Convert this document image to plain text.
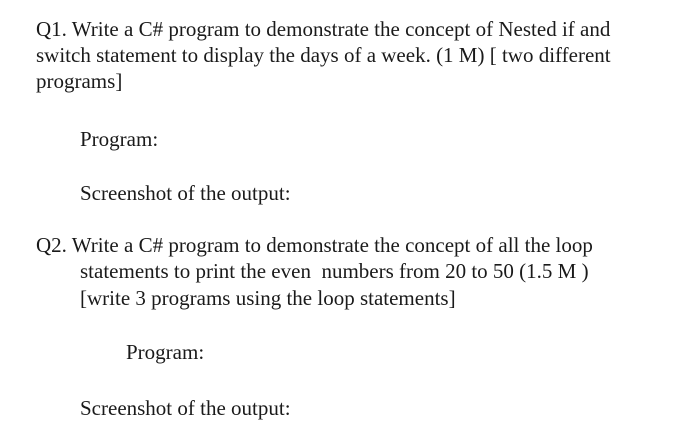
Q1. Write a C# program to demonstrate the concept of Nested if and

switch statement to display the days of a week. (1 M) [ two different

programs]

Program:

Screenshot of the output:

Q2. Write a C# program to demonstrate the concept of all the loop

statements to print the even  numbers from 20 to 50 (1.5 M )

[write 3 programs using the loop statements]

Program:

Screenshot of the output:
